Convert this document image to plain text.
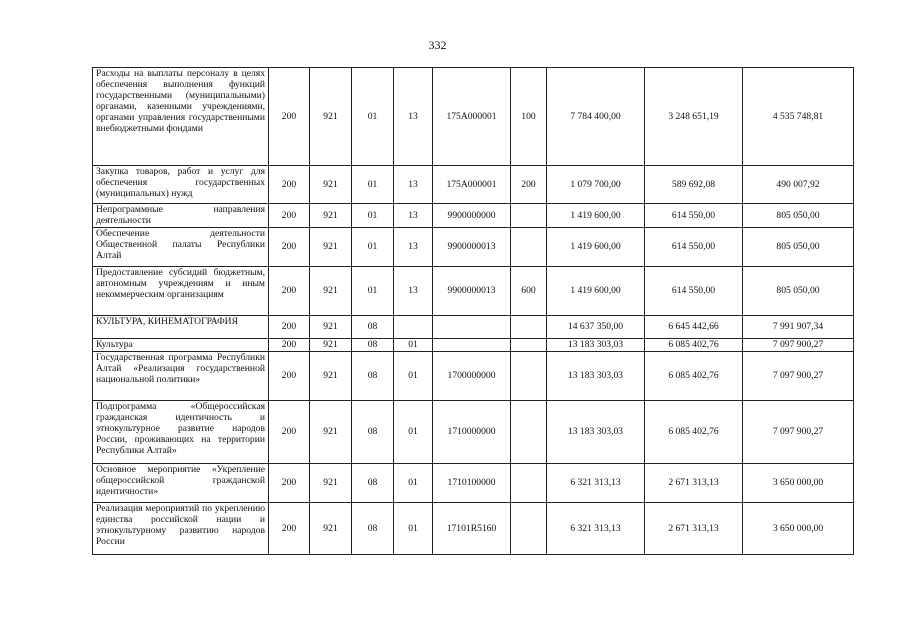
332
Расходы на выплаты персоналу в целях обеспечения выполнения функций государственными (муниципальными) органами, казенными учреждениями, органами управления государственными внебюджетными фондами	200	921	01	13	175А000001	100	7 784 400,00	3 248 651,19	4 535 748,81
Закупка товаров, работ и услуг для обеспечения государственных (муниципальных) нужд	200	921	01	13	175А000001	200	1 079 700,00	589 692,08	490 007,92
Непрограммные направления деятельности	200	921	01	13	9900000000		1 419 600,00	614 550,00	805 050,00
Обеспечение деятельности Общественной палаты Республики Алтай	200	921	01	13	9900000013		1 419 600,00	614 550,00	805 050,00
Предоставление субсидий бюджетным, автономным учреждениям и иным некоммерческим организациям	200	921	01	13	9900000013	600	1 419 600,00	614 550,00	805 050,00
КУЛЬТУРА, КИНЕМАТОГРАФИЯ	200	921	08				14 637 350,00	6 645 442,66	7 991 907,34
Культура	200	921	08	01			13 183 303,03	6 085 402,76	7 097 900,27
Государственная программа Республики Алтай «Реализация государственной национальной политики»	200	921	08	01	1700000000		13 183 303,03	6 085 402,76	7 097 900,27
Подпрограмма «Общероссийская гражданская идентичность и этнокультурное развитие народов России, проживающих на территории Республики Алтай»	200	921	08	01	1710000000		13 183 303,03	6 085 402,76	7 097 900,27
Основное мероприятие «Укрепление общероссийской гражданской идентичности»	200	921	08	01	1710100000		6 321 313,13	2 671 313,13	3 650 000,00
Реализация мероприятий по укреплению единства российской нации и этнокультурному развитию народов России	200	921	08	01	17101R5160		6 321 313,13	2 671 313,13	3 650 000,00
